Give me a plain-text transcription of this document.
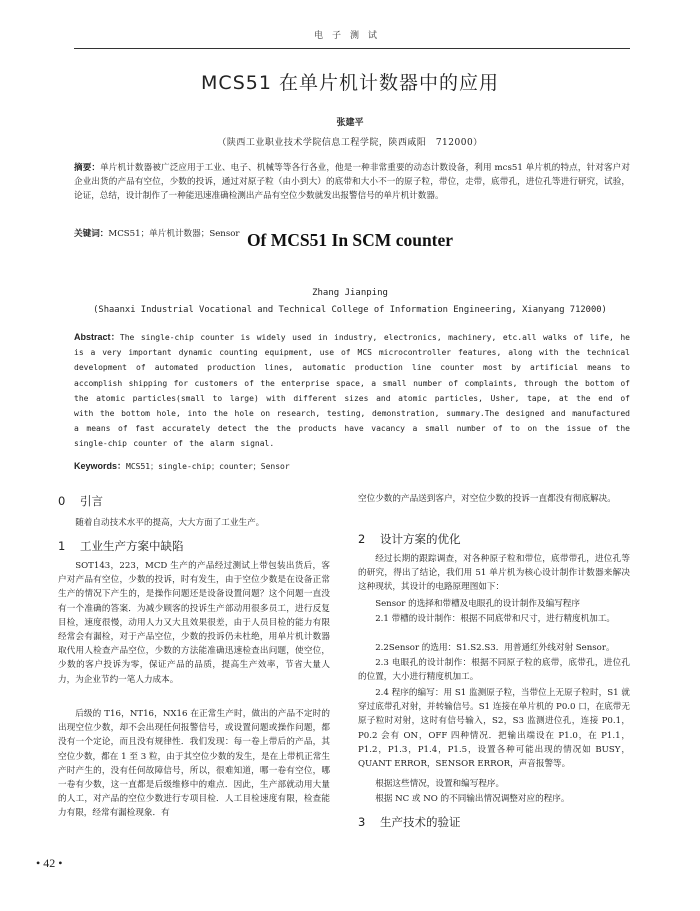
电子测试
MCS51 在单片机计数器中的应用
张建平
（陕西工业职业技术学院信息工程学院，陕西咸阳　712000）
摘要：单片机计数器被广泛应用于工业、电子、机械等等各行各业，他是一种非常重要的动态计数设备，利用 mcs51 单片机的特点，针对客户对企业出货的产品有空位，少数的投诉，通过对原子粒（由小到大）的底带和大小不一的原子粒，带位，走带，底带孔，进位孔等进行研究，试验，论证，总结，设计制作了一种能迅速准确检测出产品有空位少数就发出报警信号的单片机计数器。
关键词：MCS51；单片机计数器；Sensor Of MCS51 In SCM counter
Zhang Jianping
(Shaanxi Industrial Vocational and Technical College of Information Engineering, Xianyang 712000)
Abstract：The single-chip counter is widely used in industry, electronics, machinery, etc.all walks of life, he is a very important dynamic counting equipment, use of MCS microcontroller features, along with the technical development of automated production lines, automatic production line counter most by artificial means to accomplish shipping for customers of the enterprise space, a small number of complaints, through the bottom of the atomic particles(small to large) with different sizes and atomic particles, Usher, tape, at the end of with the bottom hole, into the hole on research, testing, demonstration, summary.The designed and manufactured a means of fast accurately detect the the products have vacancy a small number of to on the issue of the single-chip counter of the alarm signal.
Keywords：MCS51；single-chip；counter；Sensor
0 引言
随着自动技术水平的提高，大大方面了工业生产。
1 工业生产方案中缺陷
SOT143，223，MCD 生产的产品经过测试上带包装出货后，客户对产品有空位，少数的投诉，时有发生，由于空位少数是在设备正常生产的情况下产生的，是操作问题还是设备设置问题？这个问题一直没有一个准确的答案．为减少顾客的投诉生产部动用很多员工，进行反复目检，速度很慢，动用人力又大且效果很差，由于人员目检的能力有限经常会有漏检，对于产品空位，少数的投诉仍未杜绝，用单片机计数器取代用人检查产品空位，少数的方法能准确迅速检查出问题，使空位，少数的客户投诉为零，保证产品的品质，提高生产效率，节省大量人力，为企业节约一笔人力成本。
后级的 T16，NT16，NX16 在正常生产时，做出的产品不定时的出现空位少数，却不会出现任何报警信号，或设置问题或操作问题，都没有一个定论，而且没有规律性．我们发现：每一卷上带后的产品，其空位少数，都在 1 至 3 粒，由于其空位少数的发生，是在上带机正常生产时产生的，没有任何故障信号，所以，很难知道，哪一卷有空位，哪一卷有少数，这一直都是后级维修中的难点．因此，生产部就动用大量的人工，对产品的空位少数进行专项目检．人工目检速度有限，检查能力有限，经常有漏检现象．有
空位少数的产品送到客户，对空位少数的投诉一直都没有彻底解决。
2 设计方案的优化
经过长期的跟踪调查，对各种原子粒和带位，底带带孔，进位孔等的研究，得出了结论，我们用 51 单片机为核心设计制作计数器来解决这种现状，其设计的电路原理图如下：
Sensor 的选择和带槽及电眼孔的设计制作及编写程序
2.1 带槽的设计制作：根据不同底带和尺寸，进行精度机加工。
2.2Sensor 的选用：S1.S2.S3．用普通红外线对射 Sensor。
2.3 电眼孔的设计制作：根据不同原子粒的底带，底带孔，进位孔的位置，大小进行精度机加工。
2.4 程序的编写：用 S1 监测原子粒，当带位上无原子粒时，S1 就穿过底带孔对射，并转输信号。S1 连接在单片机的 P0.0 口，在底带无原子粒时对射，这时有信号输入，S2，S3 监测进位孔，连接 P0.1，P0.2 会有 ON，OFF 四种情况．把输出端设在 P1.0，在 P1.1，P1.2，P1.3，P1.4，P1.5，设置各种可能出现的情况如 BUSY，QUANT ERROR，SENSOR ERROR，声音报警等。
根据这些情况，设置和编写程序。
根据 NC 或 NO 的不同输出情况调整对应的程序。
3 生产技术的验证
• 42 •
